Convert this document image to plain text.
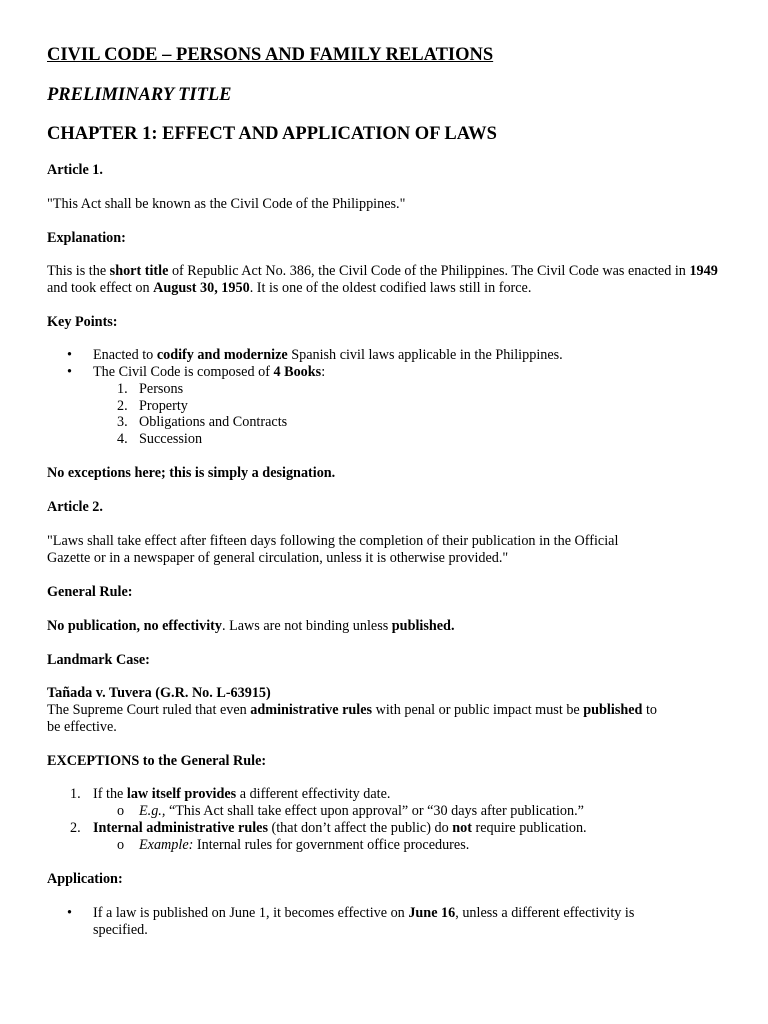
CIVIL CODE – PERSONS AND FAMILY RELATIONS
PRELIMINARY TITLE
CHAPTER 1: EFFECT AND APPLICATION OF LAWS

Article 1.

"This Act shall be known as the Civil Code of the Philippines."

Explanation:

This is the short title of Republic Act No. 386, the Civil Code of the Philippines. The Civil Code was enacted in 1949 and took effect on August 30, 1950. It is one of the oldest codified laws still in force.

Key Points:

• Enacted to codify and modernize Spanish civil laws applicable in the Philippines.
• The Civil Code is composed of 4 Books:
1. Persons
2. Property
3. Obligations and Contracts
4. Succession

No exceptions here; this is simply a designation.

Article 2.

"Laws shall take effect after fifteen days following the completion of their publication in the Official

Gazette or in a newspaper of general circulation, unless it is otherwise provided."

General Rule:

No publication, no effectivity. Laws are not binding unless published.

Landmark Case:

Tañada v. Tuvera (G.R. No. L-63915)

The Supreme Court ruled that even administrative rules with penal or public impact must be published to

be effective.

EXCEPTIONS to the General Rule:

1. If the law itself provides a different effectivity date.
o E.g., “This Act shall take effect upon approval” or “30 days after publication.”
2. Internal administrative rules (that don’t affect the public) do not require publication.
o Example: Internal rules for government office procedures.

Application:

• If a law is published on June 1, it becomes effective on June 16, unless a different effectivity is
specified.
